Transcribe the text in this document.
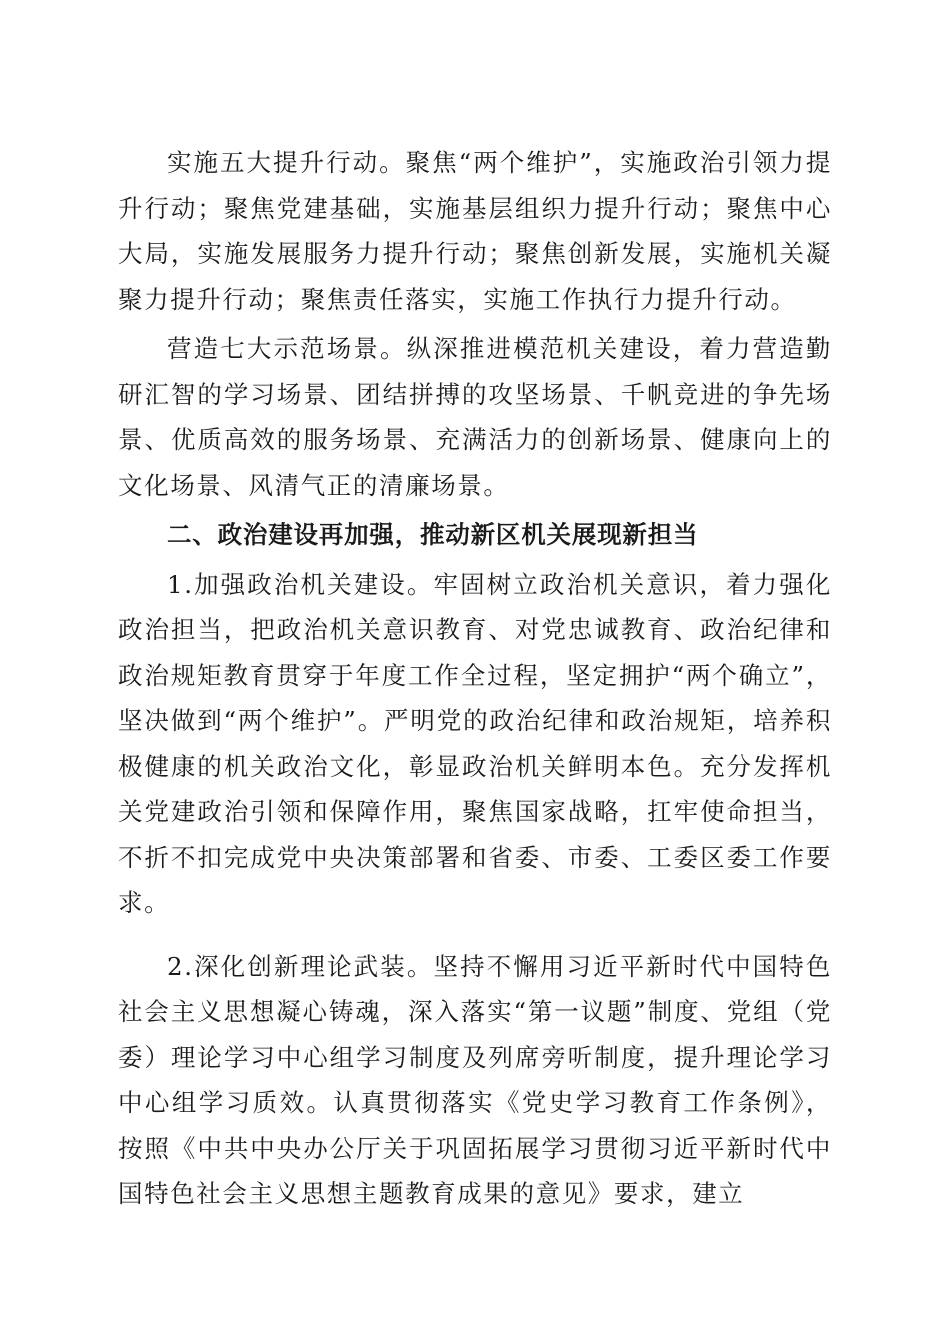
实施五大提升行动。聚焦“两个维护”，实施政治引领力提升行动；聚焦党建基础，实施基层组织力提升行动；聚焦中心大局，实施发展服务力提升行动；聚焦创新发展，实施机关凝聚力提升行动；聚焦责任落实，实施工作执行力提升行动。

营造七大示范场景。纵深推进模范机关建设，着力营造勤研汇智的学习场景、团结拼搏的攻坚场景、千帆竞进的争先场景、优质高效的服务场景、充满活力的创新场景、健康向上的文化场景、风清气正的清廉场景。

二、政治建设再加强，推动新区机关展现新担当

1.加强政治机关建设。牢固树立政治机关意识，着力强化政治担当，把政治机关意识教育、对党忠诚教育、政治纪律和政治规矩教育贯穿于年度工作全过程，坚定拥护“两个确立”，坚决做到“两个维护”。严明党的政治纪律和政治规矩，培养积极健康的机关政治文化，彰显政治机关鲜明本色。充分发挥机关党建政治引领和保障作用，聚焦国家战略，扛牢使命担当，不折不扣完成党中央决策部署和省委、市委、工委区委工作要求。

2.深化创新理论武装。坚持不懈用习近平新时代中国特色社会主义思想凝心铸魂，深入落实“第一议题”制度、党组（党委）理论学习中心组学习制度及列席旁听制度，提升理论学习中心组学习质效。认真贯彻落实《党史学习教育工作条例》，按照《中共中央办公厅关于巩固拓展学习贯彻习近平新时代中国特色社会主义思想主题教育成果的意见》要求，建立
